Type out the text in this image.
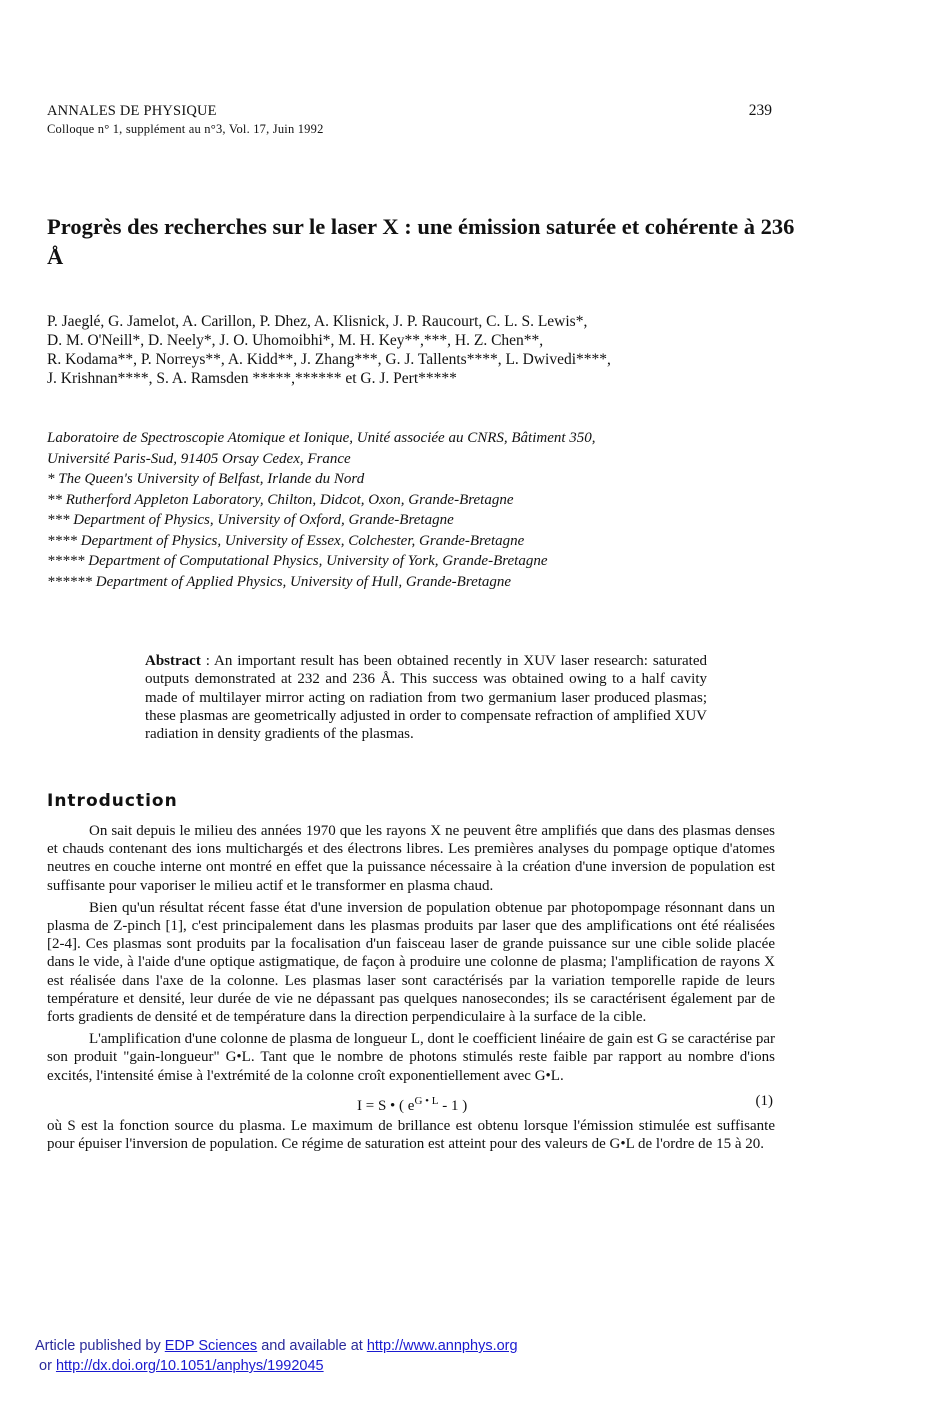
ANNALES DE PHYSIQUE
Colloque n° 1, supplément au n°3, Vol. 17, Juin 1992
239
Progrès des recherches sur le laser X : une émission saturée et cohérente à 236 Å

P. Jaeglé, G. Jamelot, A. Carillon, P. Dhez, A. Klisnick, J. P. Raucourt, C. L. S. Lewis*,

D. M. O'Neill*, D. Neely*, J. O. Uhomoibhi*, M. H. Key**,***, H. Z. Chen**,

R. Kodama**, P. Norreys**, A. Kidd**, J. Zhang***, G. J. Tallents****, L. Dwivedi****,

J. Krishnan****, S. A. Ramsden *****,****** et G. J. Pert*****

Laboratoire de Spectroscopie Atomique et Ionique, Unité associée au CNRS, Bâtiment 350,
Université Paris-Sud, 91405 Orsay Cedex, France
* The Queen's University of Belfast, Irlande du Nord
** Rutherford Appleton Laboratory, Chilton, Didcot, Oxon, Grande-Bretagne
*** Department of Physics, University of Oxford, Grande-Bretagne
**** Department of Physics, University of Essex, Colchester, Grande-Bretagne
***** Department of Computational Physics, University of York, Grande-Bretagne
****** Department of Applied Physics, University of Hull, Grande-Bretagne
Abstract : An important result has been obtained recently in XUV laser research: saturated outputs demonstrated at 232 and 236 Å. This success was obtained owing to a half cavity made of multilayer mirror acting on radiation from two germanium laser produced plasmas; these plasmas are geometrically adjusted in order to compensate refraction of amplified XUV radiation in density gradients of the plasmas.
Introduction

On sait depuis le milieu des années 1970 que les rayons X ne peuvent être amplifiés que dans des plasmas denses et chauds contenant des ions multichargés et des électrons libres. Les premières analyses du pompage optique d'atomes neutres en couche interne ont montré en effet que la puissance nécessaire à la création d'une inversion de population est suffisante pour vaporiser le milieu actif et le transformer en plasma chaud.

Bien qu'un résultat récent fasse état d'une inversion de population obtenue par photopompage résonnant dans un plasma de Z-pinch [1], c'est principalement dans les plasmas produits par laser que des amplifications ont été réalisées [2-4]. Ces plasmas sont produits par la focalisation d'un faisceau laser de grande puissance sur une cible solide placée dans le vide, à l'aide d'une optique astigmatique, de façon à produire une colonne de plasma; l'amplification de rayons X est réalisée dans l'axe de la colonne. Les plasmas laser sont caractérisés par la variation temporelle rapide de leurs température et densité, leur durée de vie ne dépassant pas quelques nanosecondes; ils se caractérisent également par de forts gradients de densité et de température dans la direction perpendiculaire à la surface de la cible.

L'amplification d'une colonne de plasma de longueur L, dont le coefficient linéaire de gain est G se caractérise par son produit "gain-longueur" G•L. Tant que le nombre de photons stimulés reste faible par rapport au nombre d'ions excités, l'intensité émise à l'extrémité de la colonne croît exponentiellement avec G•L.

I = S • ( $e^{G • L} - 1$ )	(1)

où S est la fonction source du plasma. Le maximum de brillance est obtenu lorsque l'émission stimulée est suffisante pour épuiser l'inversion de population. Ce régime de saturation est atteint pour des valeurs de G•L de l'ordre de 15 à 20.

Article published by EDP Sciences and available at http://www.annphys.org
or http://dx.doi.org/10.1051/anphys/1992045
